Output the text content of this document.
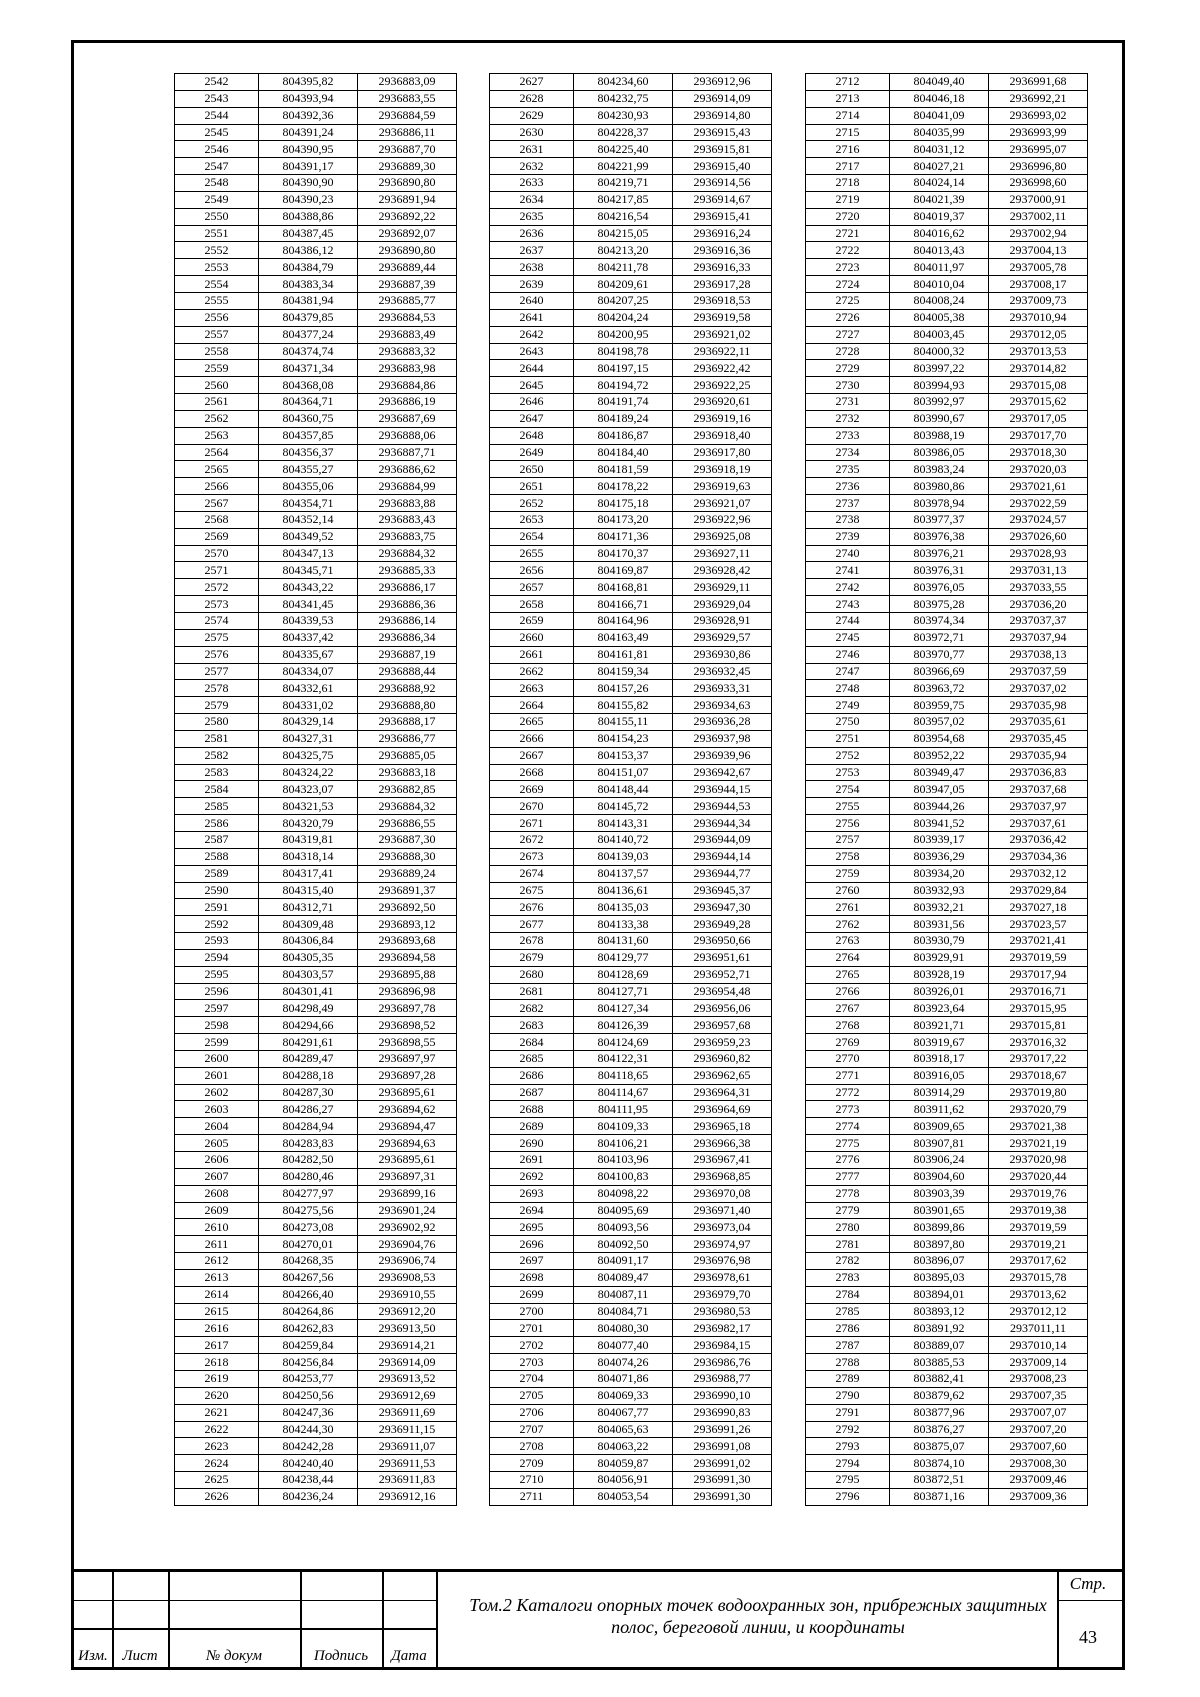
2542	804395,82	2936883,09
2543	804393,94	2936883,55
2544	804392,36	2936884,59
2545	804391,24	2936886,11
2546	804390,95	2936887,70
2547	804391,17	2936889,30
2548	804390,90	2936890,80
2549	804390,23	2936891,94
2550	804388,86	2936892,22
2551	804387,45	2936892,07
2552	804386,12	2936890,80
2553	804384,79	2936889,44
2554	804383,34	2936887,39
2555	804381,94	2936885,77
2556	804379,85	2936884,53
2557	804377,24	2936883,49
2558	804374,74	2936883,32
2559	804371,34	2936883,98
2560	804368,08	2936884,86
2561	804364,71	2936886,19
2562	804360,75	2936887,69
2563	804357,85	2936888,06
2564	804356,37	2936887,71
2565	804355,27	2936886,62
2566	804355,06	2936884,99
2567	804354,71	2936883,88
2568	804352,14	2936883,43
2569	804349,52	2936883,75
2570	804347,13	2936884,32
2571	804345,71	2936885,33
2572	804343,22	2936886,17
2573	804341,45	2936886,36
2574	804339,53	2936886,14
2575	804337,42	2936886,34
2576	804335,67	2936887,19
2577	804334,07	2936888,44
2578	804332,61	2936888,92
2579	804331,02	2936888,80
2580	804329,14	2936888,17
2581	804327,31	2936886,77
2582	804325,75	2936885,05
2583	804324,22	2936883,18
2584	804323,07	2936882,85
2585	804321,53	2936884,32
2586	804320,79	2936886,55
2587	804319,81	2936887,30
2588	804318,14	2936888,30
2589	804317,41	2936889,24
2590	804315,40	2936891,37
2591	804312,71	2936892,50
2592	804309,48	2936893,12
2593	804306,84	2936893,68
2594	804305,35	2936894,58
2595	804303,57	2936895,88
2596	804301,41	2936896,98
2597	804298,49	2936897,78
2598	804294,66	2936898,52
2599	804291,61	2936898,55
2600	804289,47	2936897,97
2601	804288,18	2936897,28
2602	804287,30	2936895,61
2603	804286,27	2936894,62
2604	804284,94	2936894,47
2605	804283,83	2936894,63
2606	804282,50	2936895,61
2607	804280,46	2936897,31
2608	804277,97	2936899,16
2609	804275,56	2936901,24
2610	804273,08	2936902,92
2611	804270,01	2936904,76
2612	804268,35	2936906,74
2613	804267,56	2936908,53
2614	804266,40	2936910,55
2615	804264,86	2936912,20
2616	804262,83	2936913,50
2617	804259,84	2936914,21
2618	804256,84	2936914,09
2619	804253,77	2936913,52
2620	804250,56	2936912,69
2621	804247,36	2936911,69
2622	804244,30	2936911,15
2623	804242,28	2936911,07
2624	804240,40	2936911,53
2625	804238,44	2936911,83
2626	804236,24	2936912,16
2627	804234,60	2936912,96
2628	804232,75	2936914,09
2629	804230,93	2936914,80
2630	804228,37	2936915,43
2631	804225,40	2936915,81
2632	804221,99	2936915,40
2633	804219,71	2936914,56
2634	804217,85	2936914,67
2635	804216,54	2936915,41
2636	804215,05	2936916,24
2637	804213,20	2936916,36
2638	804211,78	2936916,33
2639	804209,61	2936917,28
2640	804207,25	2936918,53
2641	804204,24	2936919,58
2642	804200,95	2936921,02
2643	804198,78	2936922,11
2644	804197,15	2936922,42
2645	804194,72	2936922,25
2646	804191,74	2936920,61
2647	804189,24	2936919,16
2648	804186,87	2936918,40
2649	804184,40	2936917,80
2650	804181,59	2936918,19
2651	804178,22	2936919,63
2652	804175,18	2936921,07
2653	804173,20	2936922,96
2654	804171,36	2936925,08
2655	804170,37	2936927,11
2656	804169,87	2936928,42
2657	804168,81	2936929,11
2658	804166,71	2936929,04
2659	804164,96	2936928,91
2660	804163,49	2936929,57
2661	804161,81	2936930,86
2662	804159,34	2936932,45
2663	804157,26	2936933,31
2664	804155,82	2936934,63
2665	804155,11	2936936,28
2666	804154,23	2936937,98
2667	804153,37	2936939,96
2668	804151,07	2936942,67
2669	804148,44	2936944,15
2670	804145,72	2936944,53
2671	804143,31	2936944,34
2672	804140,72	2936944,09
2673	804139,03	2936944,14
2674	804137,57	2936944,77
2675	804136,61	2936945,37
2676	804135,03	2936947,30
2677	804133,38	2936949,28
2678	804131,60	2936950,66
2679	804129,77	2936951,61
2680	804128,69	2936952,71
2681	804127,71	2936954,48
2682	804127,34	2936956,06
2683	804126,39	2936957,68
2684	804124,69	2936959,23
2685	804122,31	2936960,82
2686	804118,65	2936962,65
2687	804114,67	2936964,31
2688	804111,95	2936964,69
2689	804109,33	2936965,18
2690	804106,21	2936966,38
2691	804103,96	2936967,41
2692	804100,83	2936968,85
2693	804098,22	2936970,08
2694	804095,69	2936971,40
2695	804093,56	2936973,04
2696	804092,50	2936974,97
2697	804091,17	2936976,98
2698	804089,47	2936978,61
2699	804087,11	2936979,70
2700	804084,71	2936980,53
2701	804080,30	2936982,17
2702	804077,40	2936984,15
2703	804074,26	2936986,76
2704	804071,86	2936988,77
2705	804069,33	2936990,10
2706	804067,77	2936990,83
2707	804065,63	2936991,26
2708	804063,22	2936991,08
2709	804059,87	2936991,02
2710	804056,91	2936991,30
2711	804053,54	2936991,30
2712	804049,40	2936991,68
2713	804046,18	2936992,21
2714	804041,09	2936993,02
2715	804035,99	2936993,99
2716	804031,12	2936995,07
2717	804027,21	2936996,80
2718	804024,14	2936998,60
2719	804021,39	2937000,91
2720	804019,37	2937002,11
2721	804016,62	2937002,94
2722	804013,43	2937004,13
2723	804011,97	2937005,78
2724	804010,04	2937008,17
2725	804008,24	2937009,73
2726	804005,38	2937010,94
2727	804003,45	2937012,05
2728	804000,32	2937013,53
2729	803997,22	2937014,82
2730	803994,93	2937015,08
2731	803992,97	2937015,62
2732	803990,67	2937017,05
2733	803988,19	2937017,70
2734	803986,05	2937018,30
2735	803983,24	2937020,03
2736	803980,86	2937021,61
2737	803978,94	2937022,59
2738	803977,37	2937024,57
2739	803976,38	2937026,60
2740	803976,21	2937028,93
2741	803976,31	2937031,13
2742	803976,05	2937033,55
2743	803975,28	2937036,20
2744	803974,34	2937037,37
2745	803972,71	2937037,94
2746	803970,77	2937038,13
2747	803966,69	2937037,59
2748	803963,72	2937037,02
2749	803959,75	2937035,98
2750	803957,02	2937035,61
2751	803954,68	2937035,45
2752	803952,22	2937035,94
2753	803949,47	2937036,83
2754	803947,05	2937037,68
2755	803944,26	2937037,97
2756	803941,52	2937037,61
2757	803939,17	2937036,42
2758	803936,29	2937034,36
2759	803934,20	2937032,12
2760	803932,93	2937029,84
2761	803932,21	2937027,18
2762	803931,56	2937023,57
2763	803930,79	2937021,41
2764	803929,91	2937019,59
2765	803928,19	2937017,94
2766	803926,01	2937016,71
2767	803923,64	2937015,95
2768	803921,71	2937015,81
2769	803919,67	2937016,32
2770	803918,17	2937017,22
2771	803916,05	2937018,67
2772	803914,29	2937019,80
2773	803911,62	2937020,79
2774	803909,65	2937021,38
2775	803907,81	2937021,19
2776	803906,24	2937020,98
2777	803904,60	2937020,44
2778	803903,39	2937019,76
2779	803901,65	2937019,38
2780	803899,86	2937019,59
2781	803897,80	2937019,21
2782	803896,07	2937017,62
2783	803895,03	2937015,78
2784	803894,01	2937013,62
2785	803893,12	2937012,12
2786	803891,92	2937011,11
2787	803889,07	2937010,14
2788	803885,53	2937009,14
2789	803882,41	2937008,23
2790	803879,62	2937007,35
2791	803877,96	2937007,07
2792	803876,27	2937007,20
2793	803875,07	2937007,60
2794	803874,10	2937008,30
2795	803872,51	2937009,46
2796	803871,16	2937009,36
Изм. Лист	№ докум	Подпись	Дата
Том.2 Каталоги опорных точек водоохранных зон, прибрежных защитных полос, береговой линии, и координаты
Стр.
43
